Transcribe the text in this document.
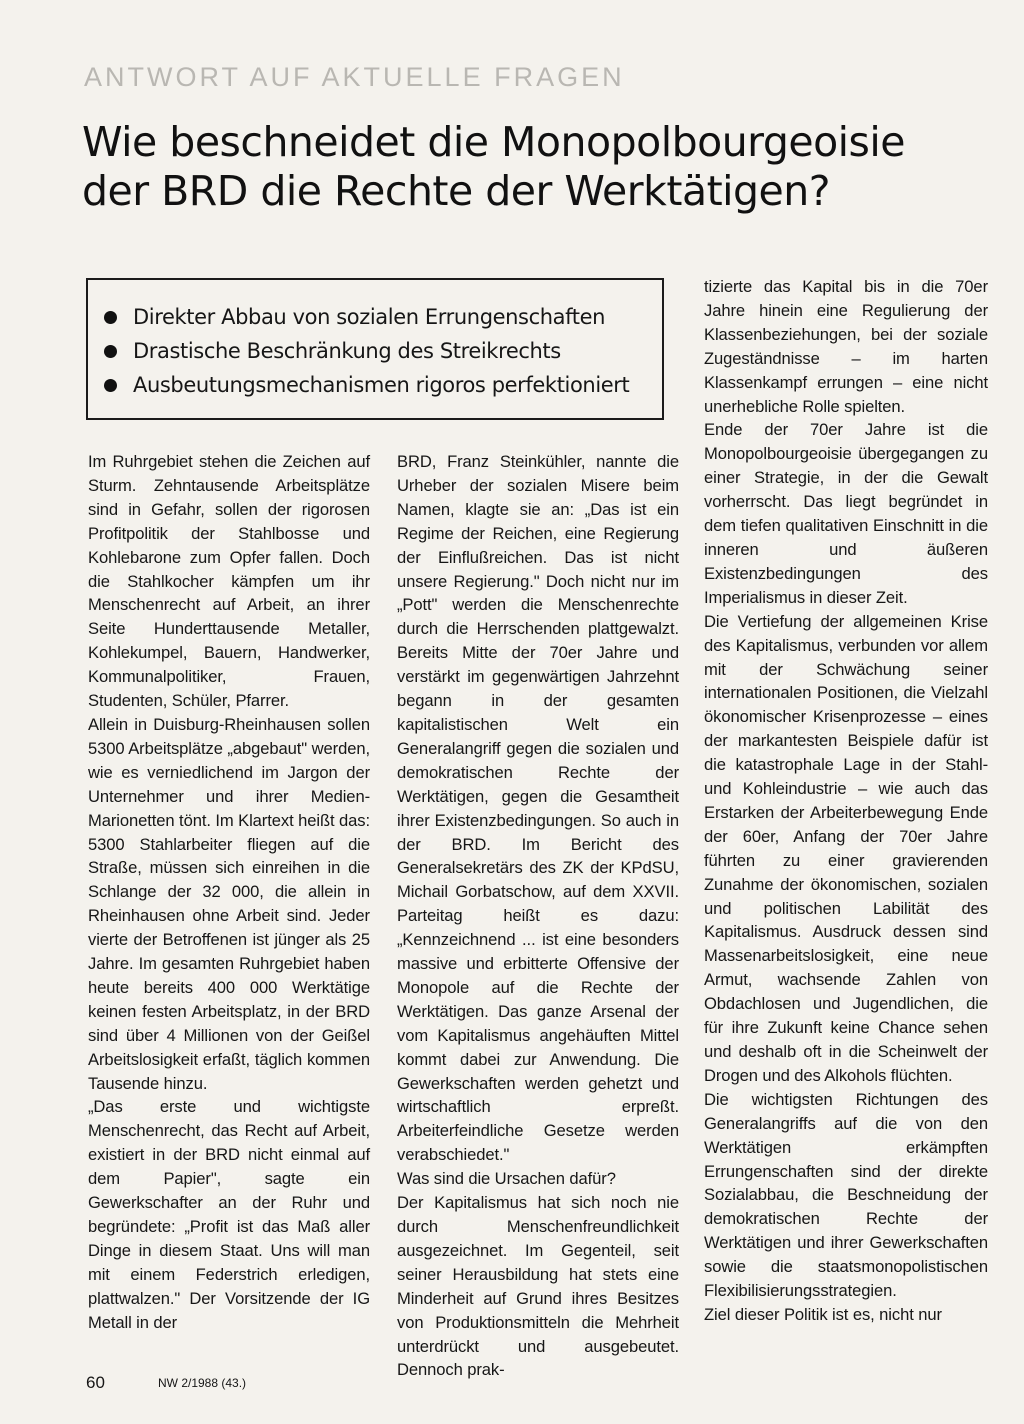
ANTWORT AUF AKTUELLE FRAGEN
Wie beschneidet die Monopolbourgeoisie
der BRD die Rechte der Werktätigen?
Direkter Abbau von sozialen Errungenschaften
Drastische Beschränkung des Streikrechts
Ausbeutungsmechanismen rigoros perfektioniert

Im Ruhrgebiet stehen die Zeichen auf Sturm. Zehntausende Arbeitsplätze sind in Gefahr, sollen der rigorosen Profitpolitik der Stahlbosse und Kohlebarone zum Opfer fallen. Doch die Stahlkocher kämpfen um ihr Menschenrecht auf Arbeit, an ihrer Seite Hunderttausende Metaller, Kohlekumpel, Bauern, Handwerker, Kommunalpolitiker, Frauen, Studenten, Schüler, Pfarrer.

Allein in Duisburg-Rheinhausen sollen 5300 Arbeitsplätze „abgebaut" werden, wie es verniedlichend im Jargon der Unternehmer und ihrer Medien-Marionetten tönt. Im Klartext heißt das: 5300 Stahlarbeiter fliegen auf die Straße, müssen sich einreihen in die Schlange der 32 000, die allein in Rheinhausen ohne Arbeit sind. Jeder vierte der Betroffenen ist jünger als 25 Jahre. Im gesamten Ruhrgebiet haben heute bereits 400 000 Werktätige keinen festen Arbeitsplatz, in der BRD sind über 4 Millionen von der Geißel Arbeitslosigkeit erfaßt, täglich kommen Tausende hinzu.

„Das erste und wichtigste Menschenrecht, das Recht auf Arbeit, existiert in der BRD nicht einmal auf dem Papier", sagte ein Gewerkschafter an der Ruhr und begründete: „Profit ist das Maß aller Dinge in diesem Staat. Uns will man mit einem Federstrich erledigen, plattwalzen." Der Vorsitzende der IG Metall in der

BRD, Franz Steinkühler, nannte die Urheber der sozialen Misere beim Namen, klagte sie an: „Das ist ein Regime der Reichen, eine Regierung der Einflußreichen. Das ist nicht unsere Regierung." Doch nicht nur im „Pott" werden die Menschenrechte durch die Herrschenden plattgewalzt. Bereits Mitte der 70er Jahre und verstärkt im gegenwärtigen Jahrzehnt begann in der gesamten kapitalistischen Welt ein Generalangriff gegen die sozialen und demokratischen Rechte der Werktätigen, gegen die Gesamtheit ihrer Existenzbedingungen. So auch in der BRD. Im Bericht des Generalsekretärs des ZK der KPdSU, Michail Gorbatschow, auf dem XXVII. Parteitag heißt es dazu: „Kennzeichnend ... ist eine besonders massive und erbitterte Offensive der Monopole auf die Rechte der Werktätigen. Das ganze Arsenal der vom Kapitalismus angehäuften Mittel kommt dabei zur Anwendung. Die Gewerkschaften werden gehetzt und wirtschaftlich erpreßt. Arbeiterfeindliche Gesetze werden verabschiedet."

Was sind die Ursachen dafür?

Der Kapitalismus hat sich noch nie durch Menschenfreundlichkeit ausgezeichnet. Im Gegenteil, seit seiner Herausbildung hat stets eine Minderheit auf Grund ihres Besitzes von Produktionsmitteln die Mehrheit unterdrückt und ausgebeutet. Dennoch prak-

tizierte das Kapital bis in die 70er Jahre hinein eine Regulierung der Klassenbeziehungen, bei der soziale Zugeständnisse – im harten Klassenkampf errungen – eine nicht unerhebliche Rolle spielten.

Ende der 70er Jahre ist die Monopolbourgeoisie übergegangen zu einer Strategie, in der die Gewalt vorherrscht. Das liegt begründet in dem tiefen qualitativen Einschnitt in die inneren und äußeren Existenzbedingungen des Imperialismus in dieser Zeit.

Die Vertiefung der allgemeinen Krise des Kapitalismus, verbunden vor allem mit der Schwächung seiner internationalen Positionen, die Vielzahl ökonomischer Krisenprozesse – eines der markantesten Beispiele dafür ist die katastrophale Lage in der Stahl- und Kohleindustrie – wie auch das Erstarken der Arbeiterbewegung Ende der 60er, Anfang der 70er Jahre führten zu einer gravierenden Zunahme der ökonomischen, sozialen und politischen Labilität des Kapitalismus. Ausdruck dessen sind Massenarbeitslosigkeit, eine neue Armut, wachsende Zahlen von Obdachlosen und Jugendlichen, die für ihre Zukunft keine Chance sehen und deshalb oft in die Scheinwelt der Drogen und des Alkohols flüchten.

Die wichtigsten Richtungen des Generalangriffs auf die von den Werktätigen erkämpften Errungenschaften sind der direkte Sozialabbau, die Beschneidung der demokratischen Rechte der Werktätigen und ihrer Gewerkschaften sowie die staatsmonopolistischen Flexibilisierungsstrategien.

Ziel dieser Politik ist es, nicht nur

60	NW 2/1988 (43.)
